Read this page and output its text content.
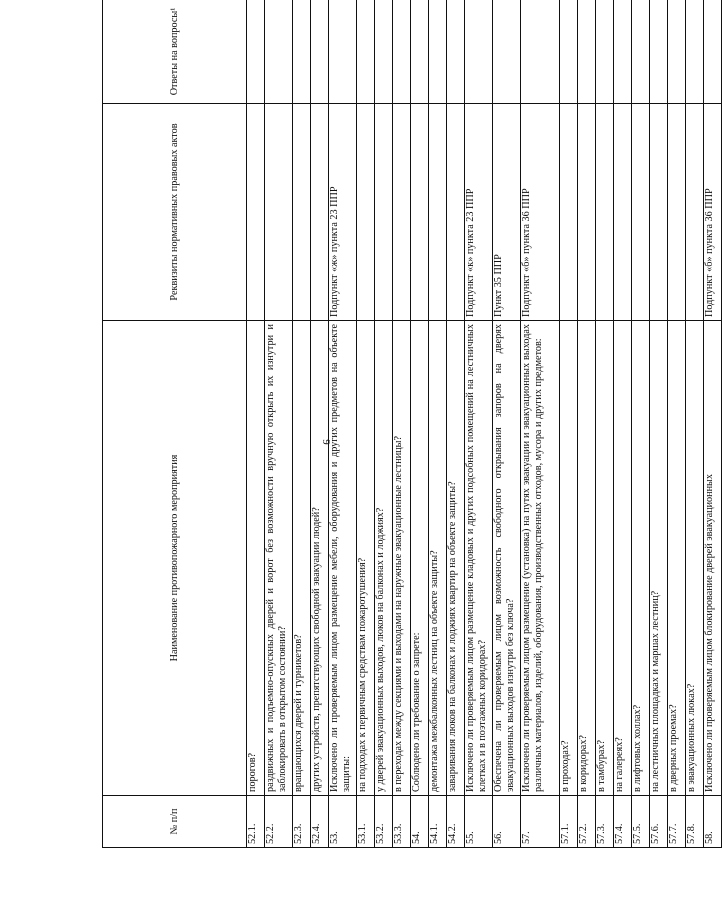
9
№ п/п	Наименование противопожарного мероприятия	Реквизиты нормативных правовых актов	Ответы на вопросы¹
52.1.	порогов?		
52.2.	раздвижных и подъемно-опускных дверей и ворот без возможности вручную открыть их изнутри и заблокировать в открытом состоянии?		
52.3.	вращающихся дверей и турникетов?		
52.4.	других устройств, препятствующих свободной эвакуации людей?		
53.	Исключено ли проверяемым лицом размещение мебели, оборудования и других предметов на объекте защиты:	Подпункт «ж» пункта 23 ППР	
53.1.	на подходах к первичным средствам пожаротушения?		
53.2.	у дверей эвакуационных выходов, люков на балконах и лоджиях?		
53.3.	в переходах между секциями и выходами на наружные эвакуационные лестницы?		
54.	Соблюдено ли требование о запрете:		
54.1.	демонтажа межбалконных лестниц на объекте защиты?		
54.2.	заваривания люков на балконах и лоджиях квартир на объекте защиты?		
55.	Исключено ли проверяемым лицом размещение кладовых и других подсобных помещений на лестничных клетках и в поэтажных коридорах?	Подпункт «к» пункта 23 ППР	
56.	Обеспечена ли проверяемым лицом возможность свободного открывания запоров на дверях эвакуационных выходов изнутри без ключа?	Пункт 35 ППР	
57.	Исключено ли проверяемым лицом размещение (установка) на путях эвакуации и эвакуационных выходах различных материалов, изделий, оборудования, производственных отходов, мусора и других предметов:	Подпункт «б» пункта 36 ППР	
57.1.	в проходах?		
57.2.	в коридорах?		
57.3.	в тамбурах?		
57.4.	на галереях?		
57.5.	в лифтовых холлах?		
57.6.	на лестничных площадках и маршах лестниц?		
57.7.	в дверных проемах?		
57.8.	в эвакуационных люках?		
58.	Исключено ли проверяемым лицом блокирование дверей эвакуационных	Подпункт «б» пункта 36 ППР	
